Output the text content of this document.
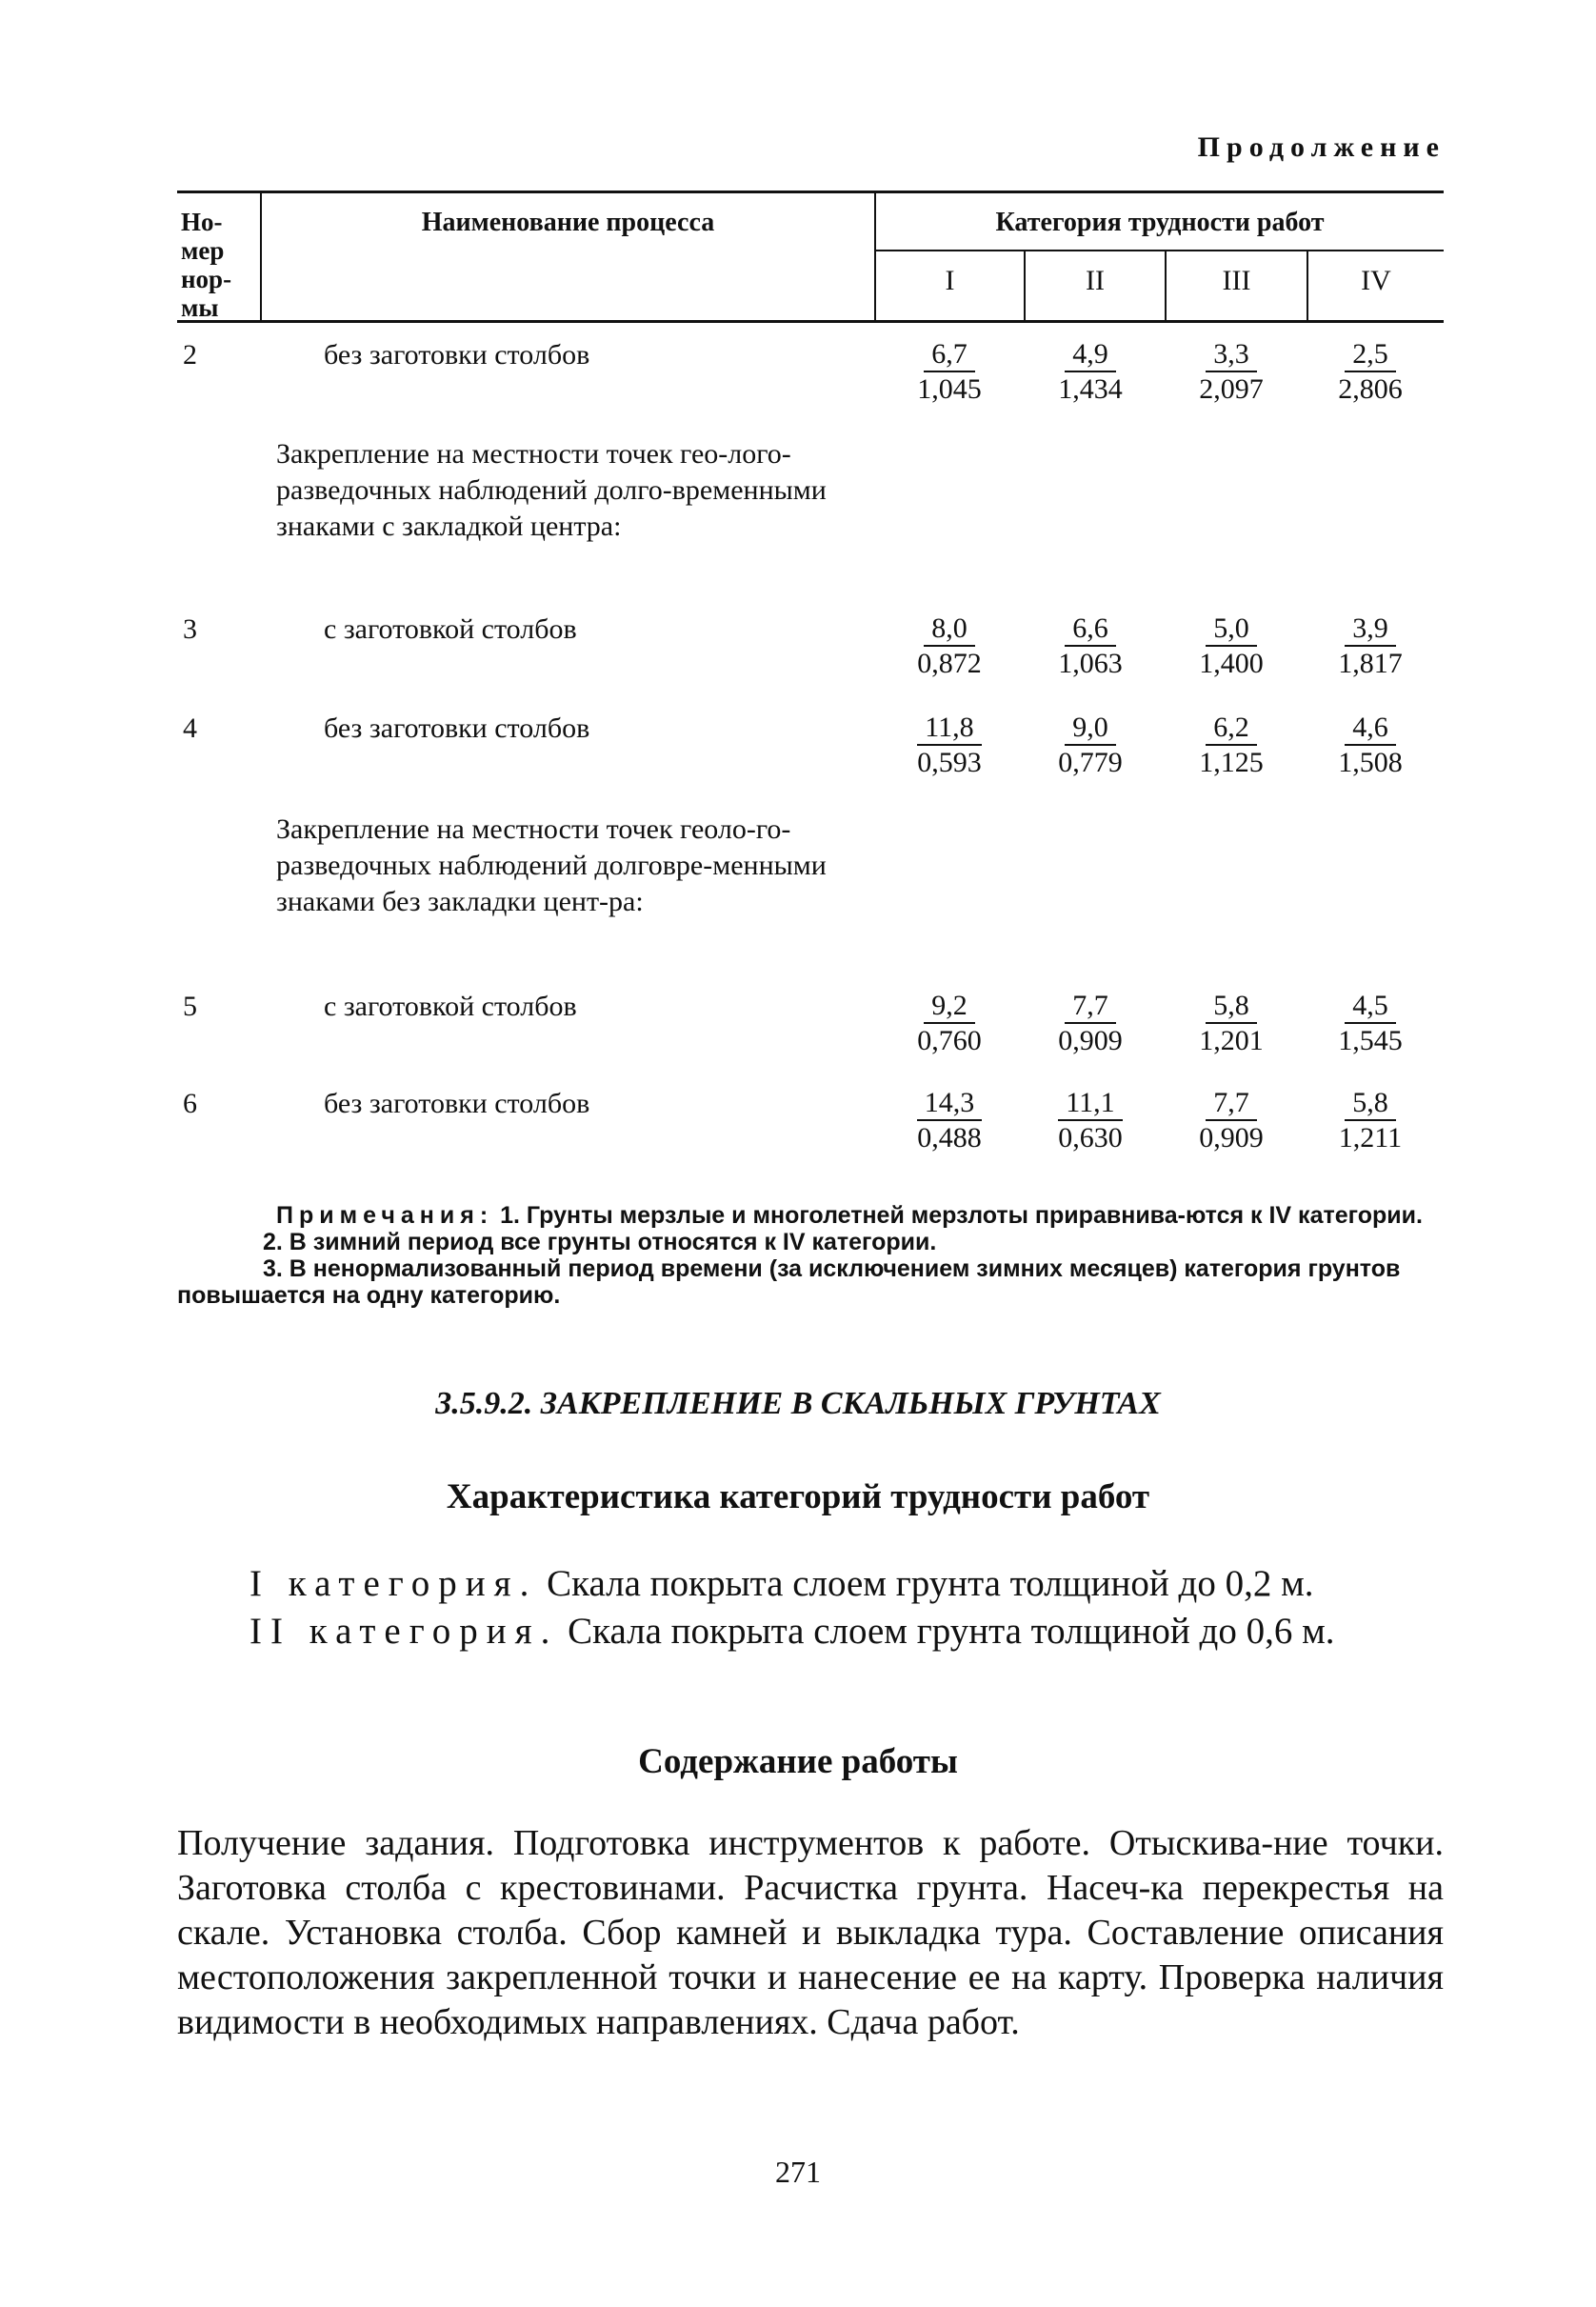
Продолжение
Но-мер нор-мы
Наименование процесса	Категория трудности работ
I	II	III	IV
2	без заготовки столбов	$\frac{6,7}{1,045} \frac{4,9}{1,434} \frac{3,3}{2,097} \frac{2,5}{2,806}$
Закрепление на местности точек гео-лого-разведочных наблюдений долго-временными знаками с закладкой центра:
3	с заготовкой столбов	$\frac{8,0}{0,872} \frac{6,6}{1,063} \frac{5,0}{1,400} \frac{3,9}{1,817}$
4	без заготовки столбов	$\frac{11,8}{0,593} \frac{9,0}{0,779} \frac{6,2}{1,125} \frac{4,6}{1,508}$
Закрепление на местности точек геоло-го-разведочных наблюдений долговре-менными знаками без закладки цент-ра:
5	с заготовкой столбов	$\frac{9,2}{0,760} \frac{7,7}{0,909} \frac{5,8}{1,201} \frac{4,5}{1,545}$
6	без заготовки столбов	$\frac{14,3}{0,488} \frac{11,1}{0,630} \frac{7,7}{0,909} \frac{5,8}{1,211}$

Примечания: 1. Грунты мерзлые и многолетней мерзлоты приравнива-ются к IV категории.

2. В зимний период все грунты относятся к IV категории.

3. В ненормализованный период времени (за исключением зимних месяцев) категория грунтов повышается на одну категорию.

3.5.9.2. ЗАКРЕПЛЕНИЕ В СКАЛЬНЫХ ГРУНТАХ
Характеристика категорий трудности работ
I категория. Скала покрыта слоем грунта толщиной до 0,2 м.
II категория. Скала покрыта слоем грунта толщиной до 0,6 м.
Содержание работы
Получение задания. Подготовка инструментов к работе. Отыскива-ние точки. Заготовка столба с крестовинами. Расчистка грунта. Насеч-ка перекрестья на скале. Установка столба. Сбор камней и выкладка тура. Составление описания местоположения закрепленной точки и нанесение ее на карту. Проверка наличия видимости в необходимых направлениях. Сдача работ.
271
